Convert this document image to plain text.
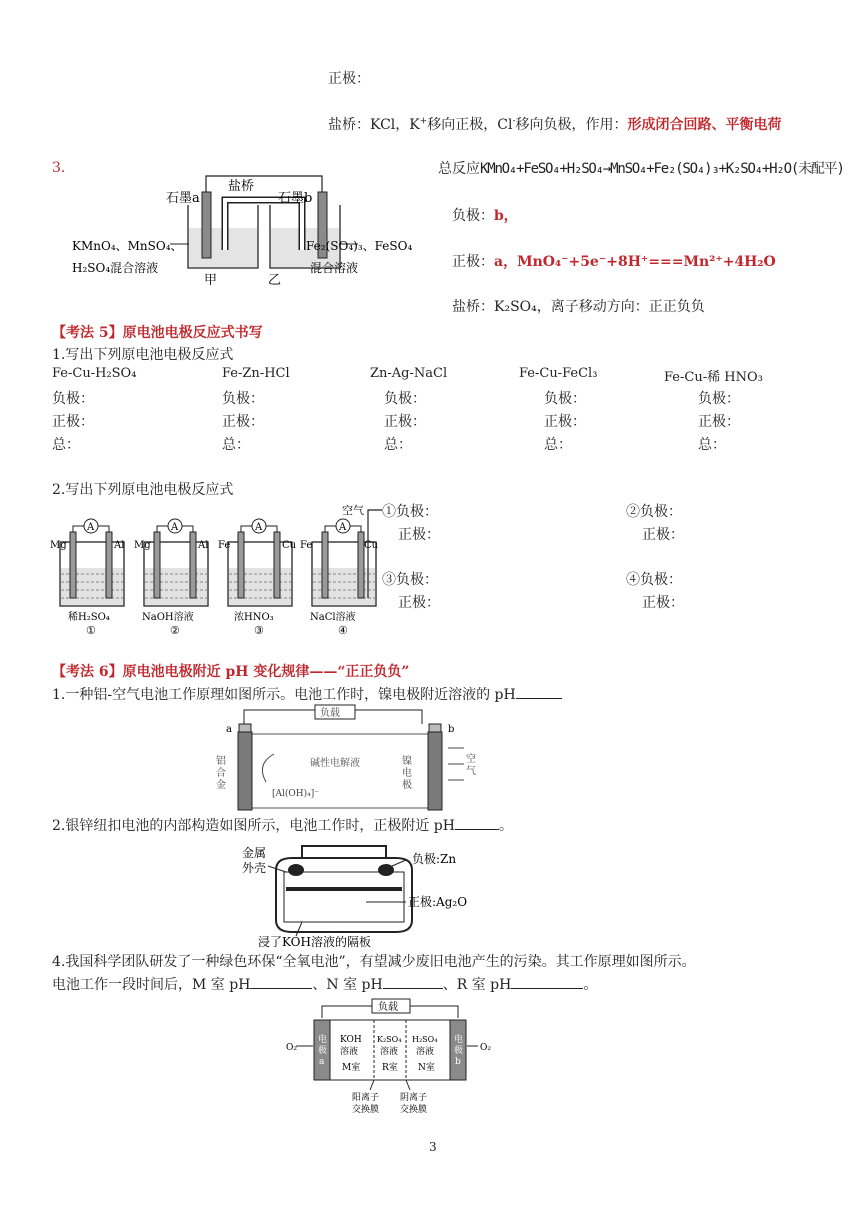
正极：
盐桥：KCl，K+移向正极，Cl-移向负极，作用：形成闭合回路、平衡电荷
3.
盐桥
石墨a	石墨b
KMnO₄、MnSO₄、
H₂SO₄混合溶液
Fe₂(SO₄)₃、FeSO₄
混合溶液
甲	乙
总反应KMnO₄+FeSO₄+H₂SO₄→MnSO₄+Fe₂(SO₄)₃+K₂SO₄+H₂O(未配平)
负极：b，
正极：a，MnO₄⁻+5e⁻+8H⁺===Mn²⁺+4H₂O
盐桥：K₂SO₄，离子移动方向：正正负负
【考法 5】原电池电极反应式书写
1.写出下列原电池电极反应式
Fe-Cu-H₂SO₄	Fe-Zn-HCl	Zn-Ag-NaCl	Fe-Cu-FeCl₃	Fe-Cu-稀 HNO₃
负极：	负极：	负极：	负极：	负极：
正极：	正极：	正极：	正极：	正极：
总：	总：	总：	总：	总：
2.写出下列原电池电极反应式
A	A	A	A
空气
Mg	Al Mg	Al Fe	Cu Fe	Cu
稀H₂SO₄
①
NaOH溶液
②
浓HNO₃
③
NaCl溶液
④
①负极：
正极：
②负极：
正极：
③负极：
正极：
④负极：
正极：
【考法 6】原电池电极附近 pH 变化规律——“正正负负”
1.一种铝-空气电池工作原理如图所示。电池工作时，镍电极附近溶液的 pH
负载
a	b
铝
合
金
镍
电
极
碱性电解液
[Al(OH)₄]⁻
空
气
2.银锌纽扣电池的内部构造如图所示，电池工作时，正极附近 pH	。
金属
外壳
负极:Zn
正极:Ag₂O
浸了KOH溶液的隔板
4.我国科学团队研发了一种绿色环保“全氧电池”，有望减少废旧电池产生的污染。其工作原理如图所示。
电池工作一段时间后，M 室 pH	、N 室 pH	、R 室 pH	。
负载
O₂	O₂
电
极
a
电
极
b
KOH
溶液
M室
K₂SO₄
溶液
R室
H₂SO₄
溶液
N室
阳离子
交换膜
阴离子
交换膜
3
